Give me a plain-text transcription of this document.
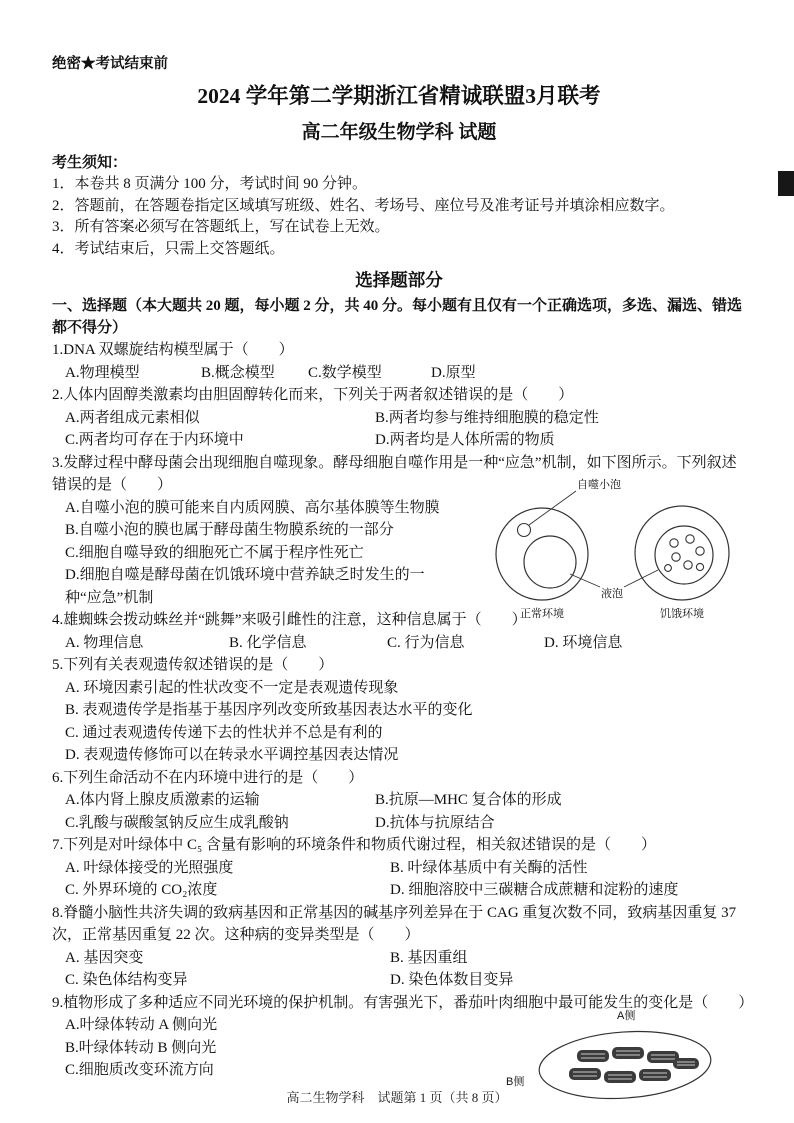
绝密★考试结束前
2024 学年第二学期浙江省精诚联盟3月联考
高二年级生物学科 试题
考生须知：
1．本卷共 8 页满分 100 分，考试时间 90 分钟。
2．答题前，在答题卷指定区域填写班级、姓名、考场号、座位号及准考证号并填涂相应数字。
3．所有答案必须写在答题纸上，写在试卷上无效。
4．考试结束后，只需上交答题纸。
选择题部分
一、选择题（本大题共 20 题，每小题 2 分，共 40 分。每小题有且仅有一个正确选项，多选、漏选、错选都不得分）
1.DNA 双螺旋结构模型属于（　　）
A.物理模型	B.概念模型	C.数学模型	D.原型
2.人体内固醇类激素均由胆固醇转化而来，下列关于两者叙述错误的是（　　）
A.两者组成元素相似	B.两者均参与维持细胞膜的稳定性
C.两者均可存在于内环境中	D.两者均是人体所需的物质
3.发酵过程中酵母菌会出现细胞自噬现象。酵母细胞自噬作用是一种“应急”机制，如下图所示。下列叙述错误的是（　　）
A.自噬小泡的膜可能来自内质网膜、高尔基体膜等生物膜
B.自噬小泡的膜也属于酵母菌生物膜系统的一部分
C.细胞自噬导致的细胞死亡不属于程序性死亡
D.细胞自噬是酵母菌在饥饿环境中营养缺乏时发生的一种“应急”机制
自噬小泡
液泡
正常环境	饥饿环境
4.雄蜘蛛会拨动蛛丝并“跳舞”来吸引雌性的注意，这种信息属于（　　）
A. 物理信息	B. 化学信息	C. 行为信息	D. 环境信息
5.下列有关表观遗传叙述错误的是（　　）
A. 环境因素引起的性状改变不一定是表观遗传现象
B. 表观遗传学是指基于基因序列改变所致基因表达水平的变化
C. 通过表观遗传传递下去的性状并不总是有利的
D. 表观遗传修饰可以在转录水平调控基因表达情况
6.下列生命活动不在内环境中进行的是（　　）
A.体内肾上腺皮质激素的运输	B.抗原—MHC 复合体的形成
C.乳酸与碳酸氢钠反应生成乳酸钠	D.抗体与抗原结合
7.下列是对叶绿体中 C₅ 含量有影响的环境条件和物质代谢过程，相关叙述错误的是（　　）
A. 叶绿体接受的光照强度	B. 叶绿体基质中有关酶的活性
C. 外界环境的 CO₂浓度	D. 细胞溶胶中三碳糖合成蔗糖和淀粉的速度
8.脊髓小脑性共济失调的致病基因和正常基因的碱基序列差异在于 CAG 重复次数不同，致病基因重复 37 次，正常基因重复 22 次。这种病的变异类型是（　　）
A. 基因突变	B. 基因重组
C. 染色体结构变异	D. 染色体数目变异
9.植物形成了多种适应不同光环境的保护机制。有害强光下，番茄叶肉细胞中最可能发生的变化是（　　）
A.叶绿体转动 A 侧向光
B.叶绿体转动 B 侧向光
C.细胞质改变环流方向
A侧
B侧
高二生物学科　试题第 1 页（共 8 页）
